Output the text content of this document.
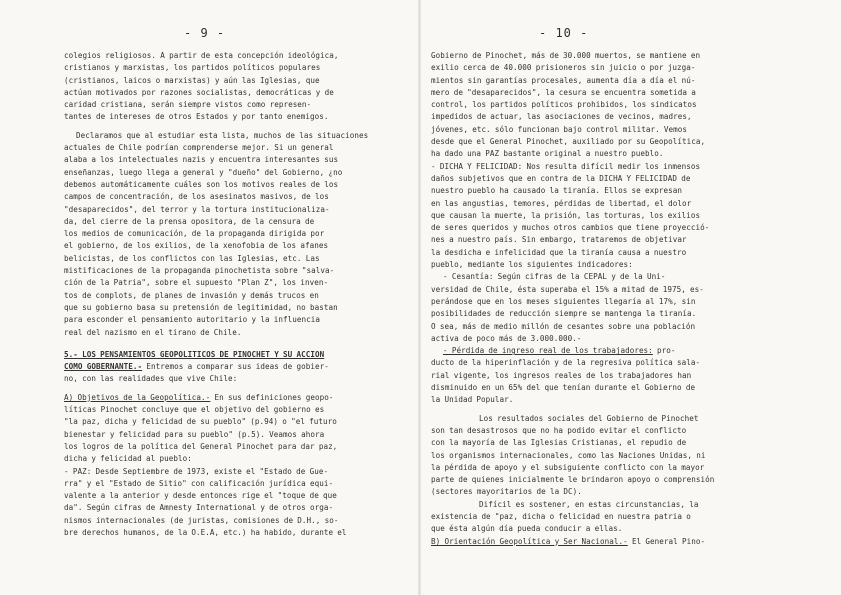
- 9 -

colegios religiosos. A partir de esta concepción ideológica,

cristianos y marxistas, los partidos políticos populares

(cristianos, laicos o marxistas) y aún las Iglesias, que

actúan motivados por razones socialistas, democráticas y de

caridad cristiana, serán siempre vistos como represen-

tantes de intereses de otros Estados y por tanto enemigos.

Declaramos que al estudiar esta lista, muchos de las situaciones

actuales de Chile podrían comprenderse mejor. Si un general

alaba a los intelectuales nazis y encuentra interesantes sus

enseñanzas, luego llega a general y "dueño" del Gobierno, ¿no

debemos automáticamente cuáles son los motivos reales de los

campos de concentración, de los asesinatos masivos, de los

"desaparecidos", del terror y la tortura institucionaliza-

da, del cierre de la prensa opositora, de la censura de

los medios de comunicación, de la propaganda dirigida por

el gobierno, de los exilios, de la xenofobia de los afanes

belicistas, de los conflictos con las Iglesias, etc. Las

mistificaciones de la propaganda pinochetista sobre "salva-

ción de la Patria", sobre el supuesto "Plan Z", los inven-

tos de complots, de planes de invasión y demás trucos en

que su gobierno basa su pretensión de legitimidad, no bastan

para esconder el pensamiento autoritario y la influencia

real del nazismo en el tirano de Chile.

5.- LOS PENSAMIENTOS GEOPOLITICOS DE PINOCHET Y SU ACCION

COMO GOBERNANTE.- Entremos a comparar sus ideas de gobier-

no, con las realidades que vive Chile:

A) Objetivos de la Geopolítica.- En sus definiciones geopo-

líticas Pinochet concluye que el objetivo del gobierno es

"la paz, dicha y felicidad de su pueblo" (p.94) o "el futuro

bienestar y felicidad para su pueblo" (p.5). Veamos ahora

los logros de la política del General Pinochet para dar paz,

dicha y felicidad al pueblo:

- PAZ: Desde Septiembre de 1973, existe el "Estado de Gue-

rra" y el "Estado de Sitio" con calificación jurídica equi-

valente a la anterior y desde entonces rige el "toque de que

da". Según cifras de Amnesty International y de otros orga-

nismos internacionales (de juristas, comisiones de D.H., so-

bre derechos humanos, de la O.E.A, etc.) ha habido, durante el

- 10 -

Gobierno de Pinochet, más de 30.000 muertos, se mantiene en

exilio cerca de 40.000 prisioneros sin juicio o por juzga-

mientos sin garantías procesales, aumenta día a día el nú-

mero de "desaparecidos", la cesura se encuentra sometida a

control, los partidos políticos prohibidos, los sindicatos

impedidos de actuar, las asociaciones de vecinos, madres,

jóvenes, etc. sólo funcionan bajo control militar. Vemos

desde que el General Pinochet, auxiliado por su Geopolítica,

ha dado una PAZ bastante original a nuestro pueblo.

- DICHA Y FELICIDAD: Nos resulta difícil medir los inmensos

daños subjetivos que en contra de la DICHA Y FELICIDAD de

nuestro pueblo ha causado la tiranía. Ellos se expresan

en las angustias, temores, pérdidas de libertad, el dolor

que causan la muerte, la prisión, las torturas, los exilios

de seres queridos y muchos otros cambios que tiene proyecció-

nes a nuestro país. Sin embargo, trataremos de objetivar

la desdicha e infelicidad que la tiranía causa a nuestro

pueblo, mediante los siguientes indicadores:

- Cesantía: Según cifras de la CEPAL y de la Uni-

versidad de Chile, ésta superaba el 15% a mitad de 1975, es-

perándose que en los meses siguientes llegaría al 17%, sin

posibilidades de reducción siempre se mantenga la tiranía.

O sea, más de medio millón de cesantes sobre una población

activa de poco más de 3.000.000.-

- Pérdida de ingreso real de los trabajadores: pro-

ducto de la hiperinflación y de la regresiva política sala-

rial vigente, los ingresos reales de los trabajadores han

disminuido en un 65% del que tenían durante el Gobierno de

la Unidad Popular.

Los resultados sociales del Gobierno de Pinochet

son tan desastrosos que no ha podido evitar el conflicto

con la mayoría de las Iglesias Cristianas, el repudio de

los organismos internacionales, como las Naciones Unidas, ni

la pérdida de apoyo y el subsiguiente conflicto con la mayor

parte de quienes inicialmente le brindaron apoyo o comprensión

(sectores mayoritarios de la DC).

Difícil es sostener, en estas circunstancias, la

existencia de "paz, dicha o felicidad en nuestra patria o

que ésta algún día pueda conducir a ellas.

B) Orientación Geopolítica y Ser Nacional.- El General Pino-
